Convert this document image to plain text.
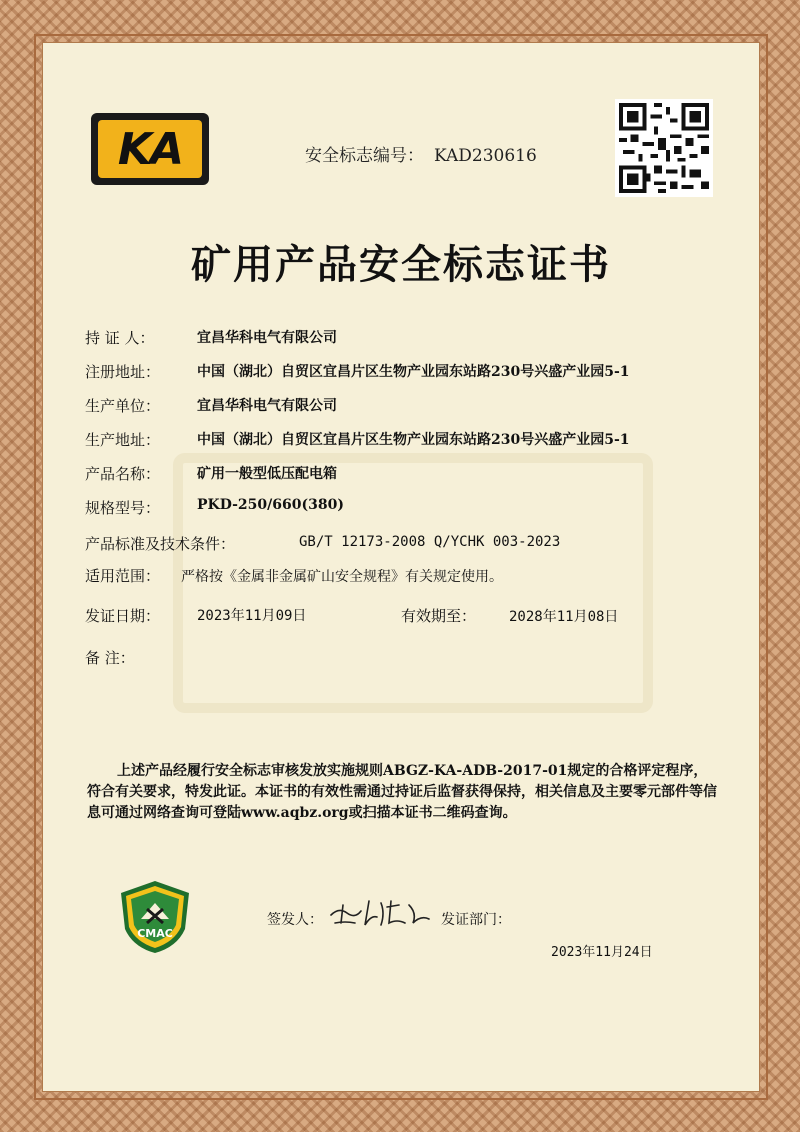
KA	安全标志编号： KAD230616
矿用产品安全标志证书
持 证 人：	宜昌华科电气有限公司
注册地址：	中国（湖北）自贸区宜昌片区生物产业园东站路230号兴盛产业园5-1
生产单位：	宜昌华科电气有限公司
生产地址：	中国（湖北）自贸区宜昌片区生物产业园东站路230号兴盛产业园5-1
产品名称：	矿用一般型低压配电箱
规格型号：	PKD-250/660(380)
产品标准及技术条件：	GB/T 12173-2008 Q/YCHK 003-2023
适用范围： 严格按《金属非金属矿山安全规程》有关规定使用。
发证日期：	2023年11月09日	有效期至： 2028年11月08日
备 注：
上述产品经履行安全标志审核发放实施规则ABGZ-KA-ADB-2017-01规定的合格评定程序，符合有关要求，特发此证。本证书的有效性需通过持证后监督获得保持，相关信息及主要零元部件等信息可通过网络查询可登陆www.aqbz.org或扫描本证书二维码查询。
CMAC
签发人：	发证部门：
2023年11月24日
